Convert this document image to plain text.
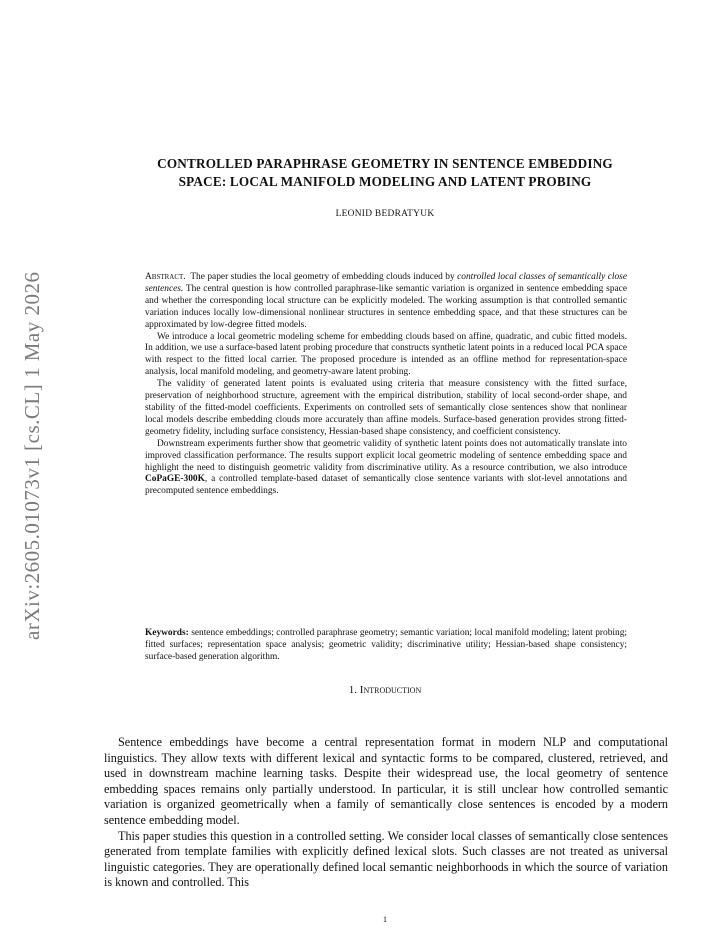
arXiv:2605.01073v1 [cs.CL] 1 May 2026
CONTROLLED PARAPHRASE GEOMETRY IN SENTENCE EMBEDDING
SPACE: LOCAL MANIFOLD MODELING AND LATENT PROBING
LEONID BEDRATYUK

Abstract.  The paper studies the local geometry of embedding clouds induced by controlled local classes of semantically close sentences. The central question is how controlled paraphrase-like semantic variation is organized in sentence embedding space and whether the corresponding local structure can be explicitly modeled. The working assumption is that controlled semantic variation induces locally low-dimensional nonlinear structures in sentence embedding space, and that these structures can be approximated by low-degree fitted models.

We introduce a local geometric modeling scheme for embedding clouds based on affine, quadratic, and cubic fitted models. In addition, we use a surface-based latent probing procedure that constructs synthetic latent points in a reduced local PCA space with respect to the fitted local carrier. The proposed procedure is intended as an offline method for representation-space analysis, local manifold modeling, and geometry-aware latent probing.

The validity of generated latent points is evaluated using criteria that measure consistency with the fitted surface, preservation of neighborhood structure, agreement with the empirical distribution, stability of local second-order shape, and stability of the fitted-model coefficients. Experiments on controlled sets of semantically close sentences show that nonlinear local models describe embedding clouds more accurately than affine models. Surface-based generation provides strong fitted-geometry fidelity, including surface consistency, Hessian-based shape consistency, and coefficient consistency.

Downstream experiments further show that geometric validity of synthetic latent points does not automatically translate into improved classification performance. The results support explicit local geometric modeling of sentence embedding space and highlight the need to distinguish geometric validity from discriminative utility. As a resource contribution, we also introduce CoPaGE-300K, a controlled template-based dataset of semantically close sentence variants with slot-level annotations and precomputed sentence embeddings.

Keywords: sentence embeddings; controlled paraphrase geometry; semantic variation; local manifold modeling; latent probing; fitted surfaces; representation space analysis; geometric validity; discriminative utility; Hessian-based shape consistency; surface-based generation algorithm.
1. Introduction

Sentence embeddings have become a central representation format in modern NLP and computational linguistics. They allow texts with different lexical and syntactic forms to be compared, clustered, retrieved, and used in downstream machine learning tasks. Despite their widespread use, the local geometry of sentence embedding spaces remains only partially understood. In particular, it is still unclear how controlled semantic variation is organized geometrically when a family of semantically close sentences is encoded by a modern sentence embedding model.

This paper studies this question in a controlled setting. We consider local classes of semantically close sentences generated from template families with explicitly defined lexical slots. Such classes are not treated as universal linguistic categories. They are operationally defined local semantic neighborhoods in which the source of variation is known and controlled. This

1
